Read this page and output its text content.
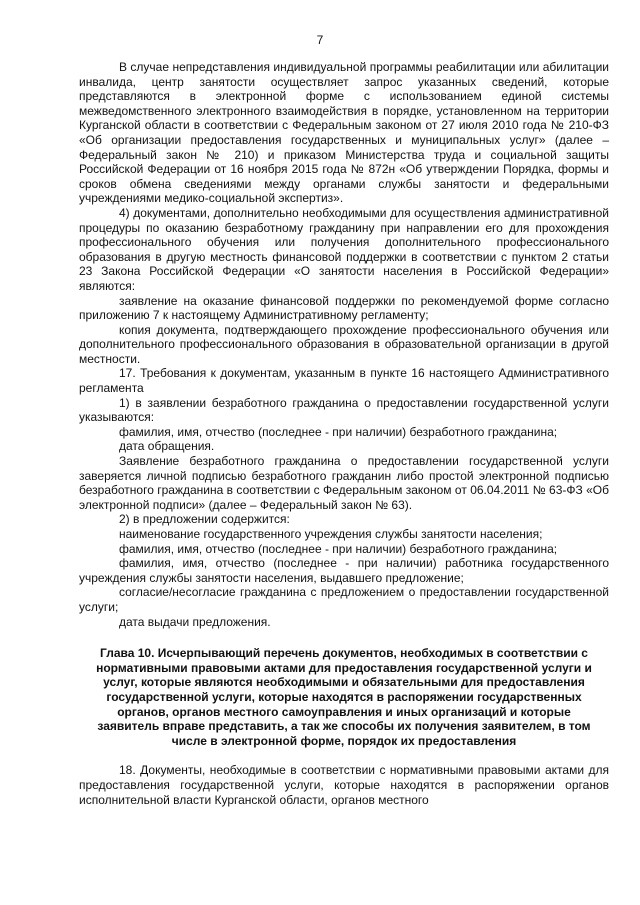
7

В случае непредставления индивидуальной программы реабилитации или абилитации инвалида, центр занятости осуществляет запрос указанных сведений, которые представляются в электронной форме с использованием единой системы межведомственного электронного взаимодействия в порядке, установленном на территории Курганской области в соответствии с Федеральным законом от 27 июля 2010 года № 210-ФЗ «Об организации предоставления государственных и муниципальных услуг» (далее – Федеральный закон № 210) и приказом Министерства труда и социальной защиты Российской Федерации от 16 ноября 2015 года № 872н «Об утверждении Порядка, формы и сроков обмена сведениями между органами службы занятости и федеральными учреждениями медико-социальной экспертиз».

4) документами, дополнительно необходимыми для осуществления административной процедуры по оказанию безработному гражданину при направлении его для прохождения профессионального обучения или получения дополнительного профессионального образования в другую местность финансовой поддержки в соответствии с пунктом 2 статьи 23 Закона Российской Федерации «О занятости населения в Российской Федерации» являются:

заявление на оказание финансовой поддержки по рекомендуемой форме согласно приложению 7 к настоящему Административному регламенту;

копия документа, подтверждающего прохождение профессионального обучения или дополнительного профессионального образования в образовательной организации в другой местности.

17. Требования к документам, указанным в пункте 16 настоящего Административного регламента

1) в заявлении безработного гражданина о предоставлении государственной услуги указываются:

фамилия, имя, отчество (последнее - при наличии) безработного гражданина;

дата обращения.

Заявление безработного гражданина о предоставлении государственной услуги заверяется личной подписью безработного гражданин либо простой электронной подписью безработного гражданина в соответствии с Федеральным законом от 06.04.2011 № 63-ФЗ «Об электронной подписи» (далее – Федеральный закон № 63).

2) в предложении содержится:

наименование государственного учреждения службы занятости населения;

фамилия, имя, отчество (последнее - при наличии) безработного гражданина;

фамилия, имя, отчество (последнее - при наличии) работника государственного учреждения службы занятости населения, выдавшего предложение;

согласие/несогласие гражданина с предложением о предоставлении государственной услуги;

дата выдачи предложения.

Глава 10. Исчерпывающий перечень документов, необходимых в соответствии с нормативными правовыми актами для предоставления государственной услуги и услуг, которые являются необходимыми и обязательными для предоставления государственной услуги, которые находятся в распоряжении государственных органов, органов местного самоуправления и иных организаций и которые заявитель вправе представить, а так же способы их получения заявителем, в том числе в электронной форме, порядок их предоставления

18. Документы, необходимые в соответствии с нормативными правовыми актами для предоставления государственной услуги, которые находятся в распоряжении органов исполнительной власти Курганской области, органов местного
